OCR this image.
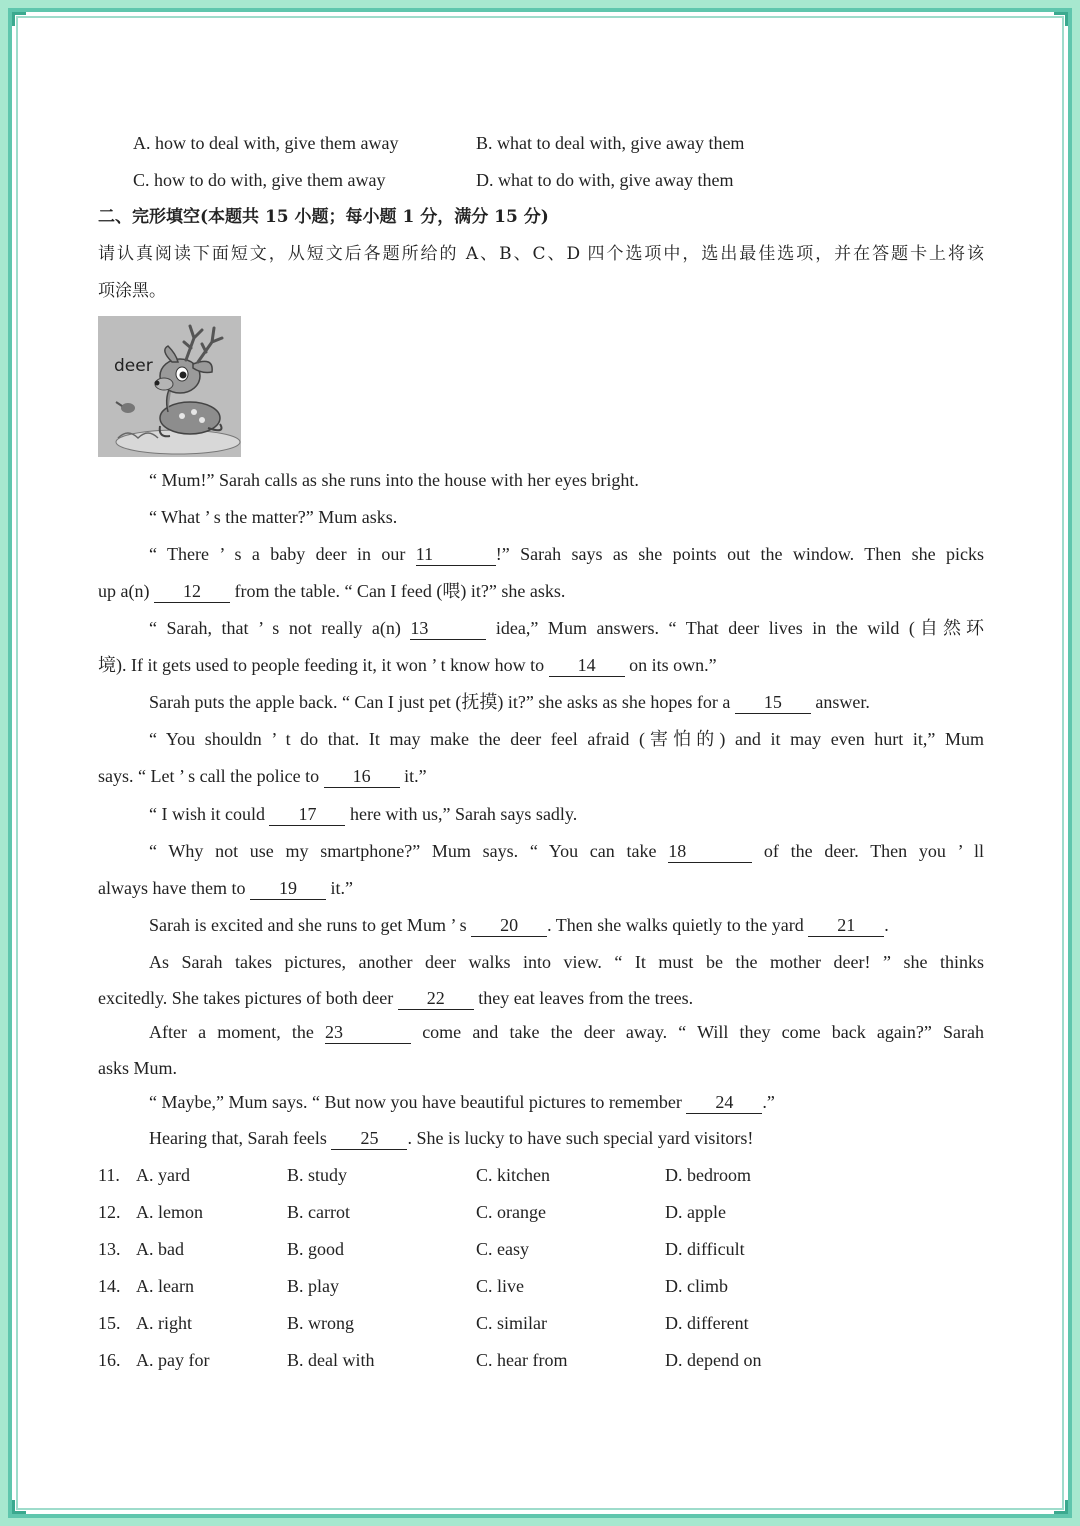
A. how to deal with, give them away	B. what to deal with, give away them
C. how to do with, give them away	D. what to do with, give away them
二、完形填空(本题共 15 小题；每小题 1 分，满分 15 分)
请认真阅读下面短文，从短文后各题所给的 A、B、C、D 四个选项中，选出最佳选项，并在答题卡上将该
项涂黑。
deer
“ Mum!” Sarah calls as she runs into the house with her eyes bright.
“ What ’ s the matter?” Mum asks.
“ There ’ s a baby deer in our 11	!” Sarah says as she points out the window. Then she picks
up a(n) 12 from the table. “ Can I feed (喂) it?” she asks.
“ Sarah, that ’ s not really a(n) 13	idea,” Mum answers. “ That deer lives in the wild (自然环
境). If it gets used to people feeding it, it won ’ t know how to 14 on its own.”
Sarah puts the apple back. “ Can I just pet (抚摸) it?” she asks as she hopes for a 15 answer.
“ You shouldn ’ t do that. It may make the deer feel afraid (害怕的) and it may even hurt it,” Mum
says. “ Let ’ s call the police to 16 it.”
“ I wish it could 17 here with us,” Sarah says sadly.
“ Why not use my smartphone?” Mum says. “ You can take 18	of the deer. Then you ’ ll
always have them to 19 it.”
Sarah is excited and she runs to get Mum ’ s 20 . Then she walks quietly to the yard 21 .
As Sarah takes pictures, another deer walks into view. “ It must be the mother deer! ” she thinks
excitedly. She takes pictures of both deer 22 they eat leaves from the trees.
After a moment, the 23	come and take the deer away. “ Will they come back again?” Sarah
asks Mum.
“ Maybe,” Mum says. “ But now you have beautiful pictures to remember 24 .”
Hearing that, Sarah feels 25 . She is lucky to have such special yard visitors!
11. A. yard	B. study	C. kitchen	D. bedroom
12. A. lemon	B. carrot	C. orange	D. apple
13. A. bad	B. good	C. easy	D. difficult
14. A. learn	B. play	C. live	D. climb
15. A. right	B. wrong	C. similar	D. different
16. A. pay for	B. deal with	C. hear from	D. depend on
